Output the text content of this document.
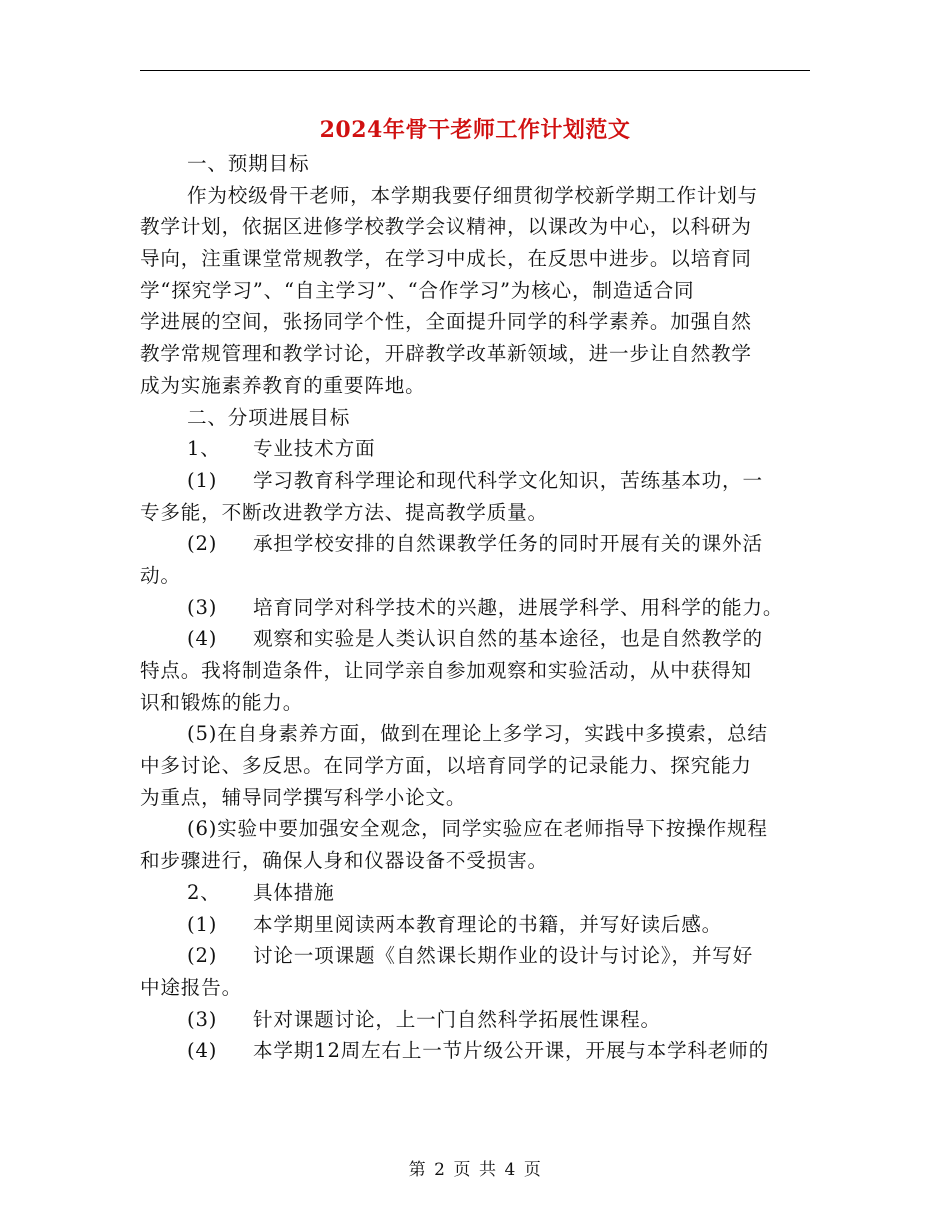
2024年骨干老师工作计划范文
一、预期目标
作为校级骨干老师，本学期我要仔细贯彻学校新学期工作计划与
教学计划，依据区进修学校教学会议精神，以课改为中心，以科研为
导向，注重课堂常规教学，在学习中成长，在反思中进步。以培育同
学“探究学习”、“自主学习”、“合作学习”为核心，制造适合同
学进展的空间，张扬同学个性，全面提升同学的科学素养。加强自然
教学常规管理和教学讨论，开辟教学改革新领域，进一步让自然教学
成为实施素养教育的重要阵地。
二、分项进展目标
1、 专业技术方面
(1) 学习教育科学理论和现代科学文化知识，苦练基本功，一
专多能，不断改进教学方法、提高教学质量。
(2) 承担学校安排的自然课教学任务的同时开展有关的课外活
动。
(3) 培育同学对科学技术的兴趣，进展学科学、用科学的能力。
(4) 观察和实验是人类认识自然的基本途径，也是自然教学的
特点。我将制造条件，让同学亲自参加观察和实验活动，从中获得知
识和锻炼的能力。
(5)在自身素养方面，做到在理论上多学习，实践中多摸索，总结
中多讨论、多反思。在同学方面，以培育同学的记录能力、探究能力
为重点，辅导同学撰写科学小论文。
(6)实验中要加强安全观念，同学实验应在老师指导下按操作规程
和步骤进行，确保人身和仪器设备不受损害。
2、 具体措施
(1) 本学期里阅读两本教育理论的书籍，并写好读后感。
(2) 讨论一项课题《自然课长期作业的设计与讨论》，并写好
中途报告。
(3) 针对课题讨论，上一门自然科学拓展性课程。
(4) 本学期12周左右上一节片级公开课，开展与本学科老师的
第 2 页 共 4 页
